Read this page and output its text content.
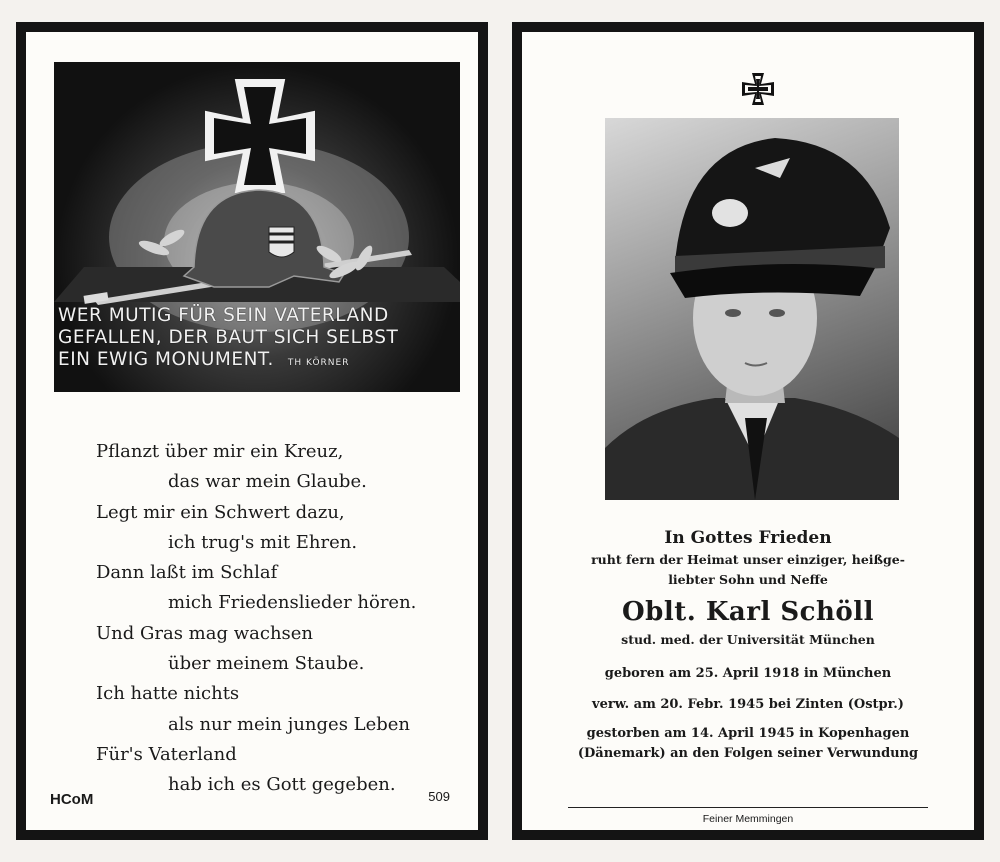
WER MUTIG FÜR SEIN VATERLAND
GEFALLEN, DER BAUT SICH SELBST
EIN EWIG MONUMENT. TH KÖRNER
Pflanzt über mir ein Kreuz,
das war mein Glaube.
Legt mir ein Schwert dazu,
ich trug's mit Ehren.
Dann laßt im Schlaf
mich Friedenslieder hören.
Und Gras mag wachsen
über meinem Staube.
Ich hatte nichts
als nur mein junges Leben
Für's Vaterland
hab ich es Gott gegeben.
HCoM	509
In Gottes Frieden
ruht fern der Heimat unser einziger, heißge-
liebter Sohn und Neffe
Oblt. Karl Schöll
stud. med. der Universität München
geboren am 25. April 1918 in München
verw. am 20. Febr. 1945 bei Zinten (Ostpr.)
gestorben am 14. April 1945 in Kopenhagen
(Dänemark) an den Folgen seiner Verwundung
Feiner Memmingen
